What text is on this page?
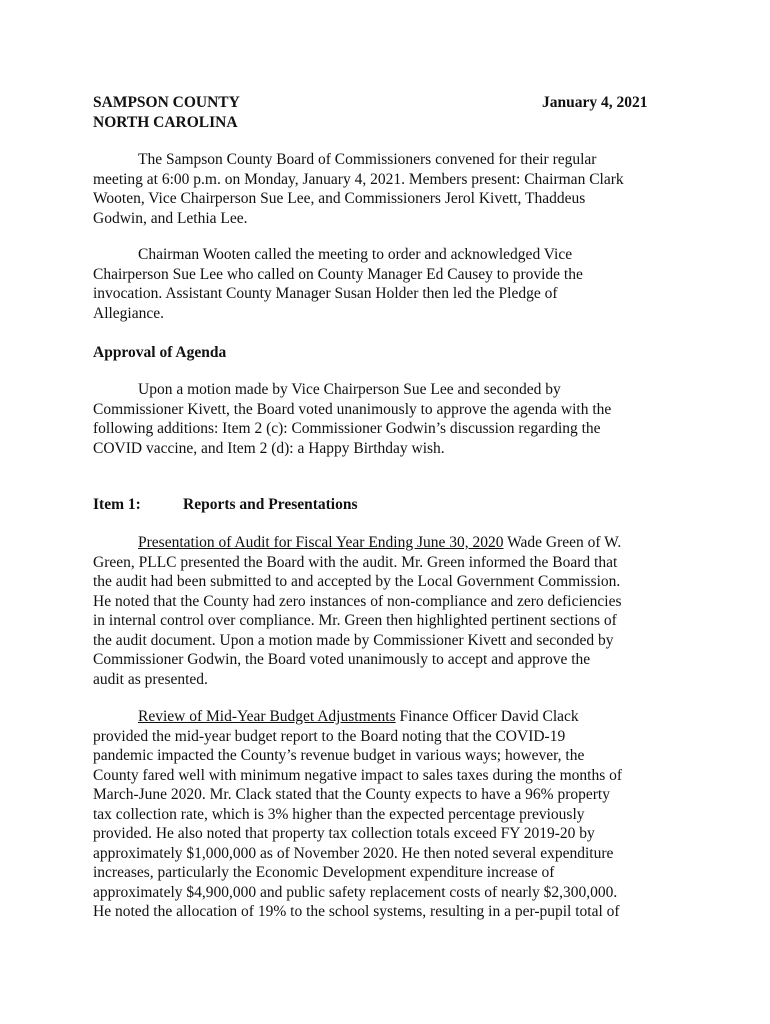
SAMPSON COUNTY
NORTH CAROLINA
January 4, 2021
The Sampson County Board of Commissioners convened for their regular
meeting at 6:00 p.m. on Monday, January 4, 2021. Members present: Chairman Clark
Wooten, Vice Chairperson Sue Lee, and Commissioners Jerol Kivett, Thaddeus
Godwin, and Lethia Lee.
Chairman Wooten called the meeting to order and acknowledged Vice
Chairperson Sue Lee who called on County Manager Ed Causey to provide the
invocation. Assistant County Manager Susan Holder then led the Pledge of
Allegiance.
Approval of Agenda
Upon a motion made by Vice Chairperson Sue Lee and seconded by
Commissioner Kivett, the Board voted unanimously to approve the agenda with the
following additions: Item 2 (c): Commissioner Godwin’s discussion regarding the
COVID vaccine, and Item 2 (d): a Happy Birthday wish.
Item 1:	Reports and Presentations
Presentation of Audit for Fiscal Year Ending June 30, 2020 Wade Green of W.
Green, PLLC presented the Board with the audit. Mr. Green informed the Board that
the audit had been submitted to and accepted by the Local Government Commission.
He noted that the County had zero instances of non-compliance and zero deficiencies
in internal control over compliance. Mr. Green then highlighted pertinent sections of
the audit document. Upon a motion made by Commissioner Kivett and seconded by
Commissioner Godwin, the Board voted unanimously to accept and approve the
audit as presented.
Review of Mid-Year Budget Adjustments Finance Officer David Clack
provided the mid-year budget report to the Board noting that the COVID-19
pandemic impacted the County’s revenue budget in various ways; however, the
County fared well with minimum negative impact to sales taxes during the months of
March-June 2020. Mr. Clack stated that the County expects to have a 96% property
tax collection rate, which is 3% higher than the expected percentage previously
provided. He also noted that property tax collection totals exceed FY 2019-20 by
approximately $1,000,000 as of November 2020. He then noted several expenditure
increases, particularly the Economic Development expenditure increase of
approximately $4,900,000 and public safety replacement costs of nearly $2,300,000.
He noted the allocation of 19% to the school systems, resulting in a per-pupil total of
